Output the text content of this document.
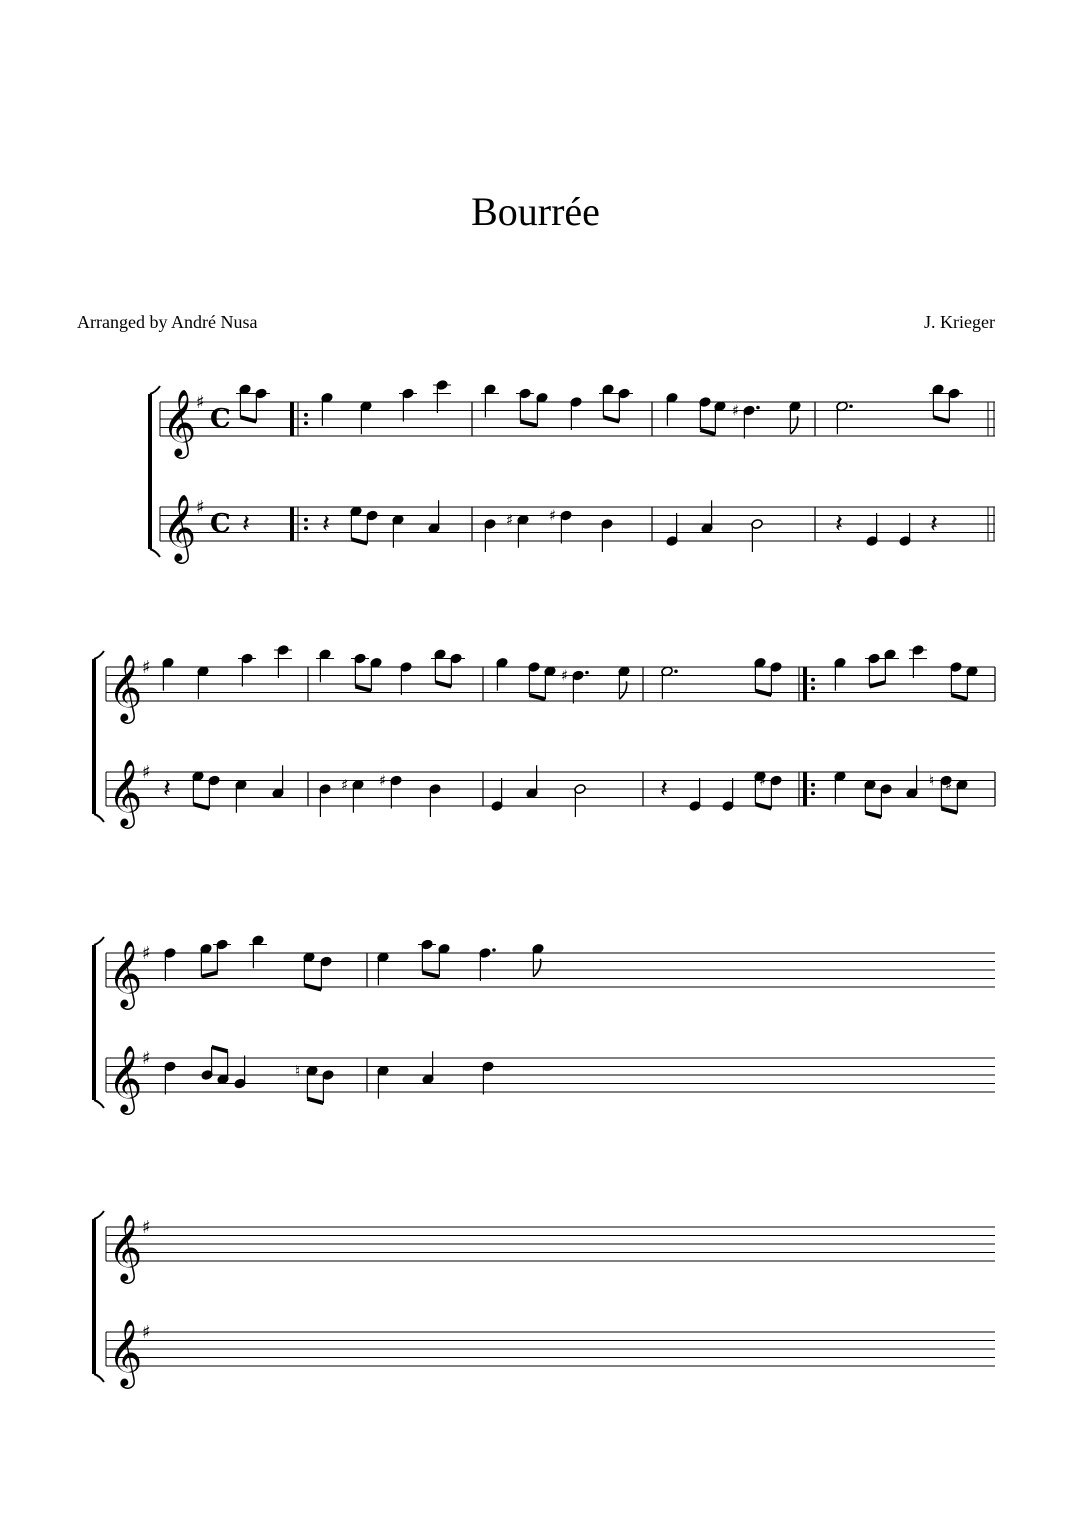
Bourrée
Arranged by André Nusa	J. Krieger
𝄞 ♯
𝄞 ♯
C
C
𝄞 ♯
𝄞 ♯
𝄞 ♯
𝄞 ♯
𝄞 ♯
𝄞 ♯
𝄽	𝄽	♯ ♯
♯
𝄽	𝄽
𝄽	♯ ♯
♯
𝄽	♯	♮ ♯
♮
